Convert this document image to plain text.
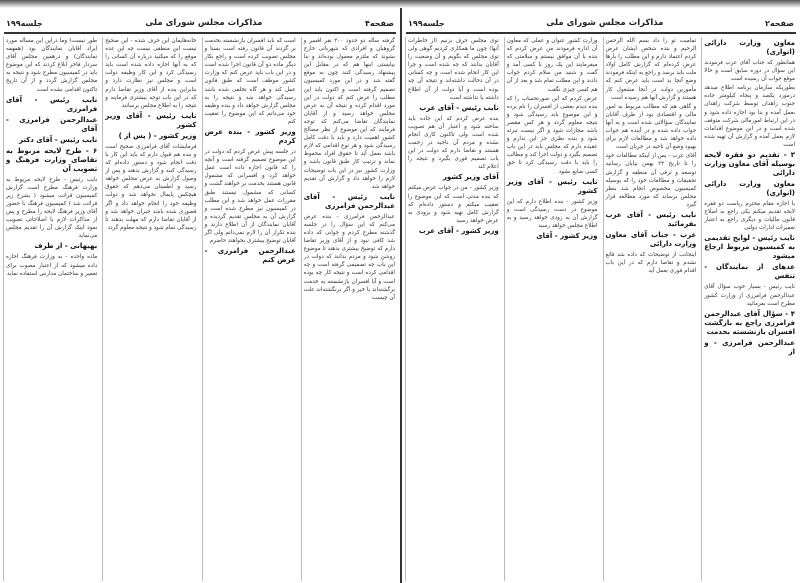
صفحه۴
مذاکرات مجلس شورای ملی
جلسه۱۹۹

گرفته ساله دو حدود ۲۰۰ نفر افسر و گروهبان و افرادی که شهربانی خارج بشوند که ملتزم معمول بوده‌اند و بنا بپایستی اینها هم که در مقابل این پیشنهاد رسیدگی کنند چون به موقع گفته شد و در این مورد کمیسیون تصمیم گرفته است و اکنون باید این مطلب را عرض کنم که دولت در این مورد اقدام کرده و نتیجه آن به عرض مجلس خواهد رسید و از آقایان نمایندگان تقاضا می‌کنم که توجه فرمایند که این موضوع از نظر مصالح کشور اهمیت دارد و باید با دقت کامل رسیدگی شود و هر نوع اقدامی که لازم باشد بعمل آید تا حقوق افراد محفوظ بماند و ترتیب کار طبق قانون باشد و وزارت کشور نیز در این باب توضیحات لازم را خواهد داد و گزارش آن تقدیم خواهد شد

نایب رئیس - آقای عبدالرحمن فرامرزی

عبدالرحمن فرامرزی - بنده عرض می‌کنم که این سؤال را در جلسه گذشته مطرح کردم و جوابی که داده شد کافی نبود و از آقای وزیر تقاضا دارم که توضیح بیشتری بدهند تا موضوع روشن شود و مردم بدانند که دولت در این باب چه تصمیمی گرفته است و چه اقدامی کرده است و نتیجه کار چه بوده است و آیا افسران بازنشسته به خدمت برگشته‌اند یا خیر و اگر برنگشته‌اند علت آن چیست

است که باید افسران بازنشسته بخدمت بر گردند آن قانون رفته است بسنا و مجلس تصویب کرده است و راجع بکار دیگر ماده دو آن قانون اجرا شده است و در این باب باید عرض کنم که وزارت کشور موظف است که طبق قانون عمل کند و هر گاه تخلفی شده باشد رسیدگی خواهد شد و نتیجه را به مجلس گزارش خواهد داد و بنده وظیفه خود می‌دانم که این موضوع را تعقیب کنم

وزیر کشور - بنده عرض کردم

در جلسه پیش عرض کردم که دولت در این موضوع تصمیم گرفته است و آنچه را که قانون اجازه داده است عمل خواهد کرد و افسرانی که مشمول قانون هستند بخدمت بر خواهند گشت و کسانی که مشمول نیستند طبق مقررات عمل خواهد شد و این مطلب در کمیسیون نیز مطرح شده است و گزارش آن به مجلس تقدیم گردیده و آقایان نمایندگان از آن اطلاع دارند و بنده تکرار آن را لازم نمی‌دانم ولی اگر آقایان توضیح بیشتری بخواهند حاضرم

عبدالرحمن فرامرزی - عرض کنم

خانه‌هایمان این حرف شده - این صحیح نیست این منطقی نیست چه این عده موقع را که میکنید درباره آن کسانی را که به آنها اجازه داده شده است باید رسیدگی کرد و این کار وظیفه دولت است و مجلس نیز نظارت دارد و بنابراین بنده از آقای وزیر تقاضا دارم که در این باب توجه بیشتری فرمایند و نتیجه را به اطلاع مجلس برسانند

نایب رئیس - آقای وزیر کشور
وزیر کشور - ( پس از )

فرمایشات آقای فرامرزی صحیح است و بنده هم قبول دارم که باید این کار با دقت انجام شود و دستور داده‌ام که رسیدگی کنند و گزارش بدهند و پس از وصول گزارش به عرض مجلس خواهد رسید و اطمینان می‌دهم که حقوق هیچکس پایمال نخواهد شد و دولت وظیفه خود را انجام خواهد داد و اگر قصوری شده باشد جبران خواهد شد و از آقایان تقاضا دارم که مهلت بدهند تا رسیدگی تمام شود و نتیجه معلوم گردد

طور نیست) وما دراین این مسأله مورد ایراد آقایان نمایندگان بود (همهمه نمایندگان) و درهمین مجلس آقای سردار فاخر ابلاغ کردند که این موضوع باید در کمیسیون مطرح شود و نتیجه به مجلس گزارش گردد و از آن تاریخ تاکنون اقدامی نشده است

نایب رئیس - آقای فرامرزی
عبدالرحمن فرامرزی - آقای
نایب رئیس - آقای دکتر
۶ - طرح لایحه مربوط به تقاضای وزارت فرهنگ و تصویب آن

نایب رئیس - طرح لایحه مربوط به وزارت فرهنگ مطرح است گزارش کمیسیون قرائت میشود ( بشرح زیر قرائت شد ) کمیسیون فرهنگ با حضور آقای وزیر فرهنگ لایحه را مطرح و پس از مذاکرات لازم با اصلاحاتی تصویب نمود اینک گزارش آن را تقدیم مجلس می‌نماید

بهبهانی - از طرف

ماده واحده - به وزارت فرهنگ اجازه داده میشود که از اعتبار مصوب برای تعمیر و ساختمان مدارس استفاده نماید

صفحه۲
مذاکرات مجلس شورای ملی
جلسه۱۹۹
معاون وزارت دارائی (انواری)

همانطور که جناب آقای عرب فرمودند این سؤال در دوره سابق است و حالا موقع جواب آن رسیده است

بطوریکه سازمان برنامه اطلاع میدهد درمورد یکصد و پنجاه کیلومتر جاده جنوب زاهدان توسط شرکت زاهدان بعمل آمده و بنا بود اجازه داده شود و در این ارتباط امورمالی شرکت متوقف شده است و در این موضوع اقدامات لازم بعمل آمده و گزارش آن تهیه شده است

۳ - تقدیم دو فقره لایحه بوسیله آقای معاون وزارت دارائی
معاون وزارت دارائی (انواری)

با اجازه مقام محترم ریاست دو فقره لایحه تقدیم میکنم یکی راجع به اصلاح قانون مالیات و دیگری راجع به اعتبار تعمیرات ادارات دولتی

نایب رئیس - لوایح تقدیمی به کمیسیون مربوط ارجاع میشود
عدهای از نمایندگان - تنفس

نایب رئیس - بسیار خوب سؤال آقای عبدالرحمن فرامرزی از وزارت کشور مطرح است بفرمائید

۴ - سؤال آقای عبدالرحمن فرامرزی راجع به بازگشت افسران بازنشسته بخدمت
عبدالرحمن فرامرزی - و از

تمامیت تو را داد بسم الله الرحمن الرحیم و بنده شخص ایشان عرض کردم اعتماد دارم و این مطلب را بارها عرض کرده‌ام که گزارش کامل اولاد ملت باید برسد و راجع به اینکه فرمودند وضع آنجا بد است باید عرض کنم که مأمورین دولت در آنجا مشغول کار هستند و گزارش آنها هم رسیده است

و گاهی هم که مطالب مربوط به امور مالی و اقتصادی بود از طرف آقایان نمایندگان سؤالاتی شده است و به آنها جواب داده شده و در آینده هم جواب داده خواهد شد و مطالعات لازم برای بهبود وضع آن ناحیه در جریان است

آقای عرب - پس از اینکه مطالعات خود را تا تاریخ ۲۴ بهمن بپایان رسانید توسعه و ترقی آن منطقه و گزارش تحقیقات و مطالعات خود را که بوسیله کمیسیون مخصوص انجام شد بنظر مجلس برساند که مورد مطالعه قرار گیرد

نایب رئیس - آقای عرب بفرمائید
عرب - جناب آقای معاون وزارت دارائی

اینجانب از توضیحات که داده شد قانع نشدم و تقاضا دارم که در این باب اقدام فوری بعمل آید

وزارت کشور عنوان و عملی که معاون آن اداره فرمودند من عرض کردم که بنده با آن موافق نیستم و سلامتی که میفرمایند این یک روز با کسی آمد و گفت و شنید من سلام کردم جواب دادند و این مطلب تمام شد و بعد از آن هم کسی چیزی نگفت

عرض کردم که این صورتحساب را که بنده دیدم بعضی از افسران را نام برده و این موضوع باید رسیدگی شود و نتیجه معلوم گردد و هر کس مقصر باشد مجازات شود و اگر نیست تبرئه شود و بنده نظری جز این ندارم و عقیده دارم که مجلس باید در این باب تصمیم بگیرد و دولت اجرا کند و مطالب را باید با دقت رسیدگی کرد تا حق کسی ضایع نشود

نایب رئیس - آقای وزیر کشور

وزیر کشور - بنده اطلاع دارم که این موضوع در دست رسیدگی است و گزارش آن به زودی خواهد رسید و به اطلاع مجلس خواهد رسید

وزیر کشور - آقای

توی مجلس حرف بزنیم (از خاطرات آنها) چون ما همکاری کردیم گوهی ولی توی مجلس که بگویم و آن وضعیت را آقایان بدانند که چه شده است و چرا این کار انجام شده است و چه کسانی در آن دخالت داشته‌اند و نتیجه آن چه بوده است و آیا دولت از آن اطلاع داشته یا نداشته است

نایب رئیس - آقای عرب

بنده عرض کردم که این جاده باید ساخته شود و اعتبار آن هم تصویب شده است ولی تاکنون کاری انجام نشده و مردم آن ناحیه در زحمت هستند و تقاضا دارم که دولت در این باب تصمیم فوری بگیرد و نتیجه را اعلام کند

آقای وزیر کشور

وزیر کشور - من در جواب عرض میکنم که بنده مدتی است که این موضوع را تعقیب میکنم و دستور داده‌ام که گزارش کامل تهیه شود و بزودی به عرض خواهد رسید

وزیر کشور - آقای عرب
